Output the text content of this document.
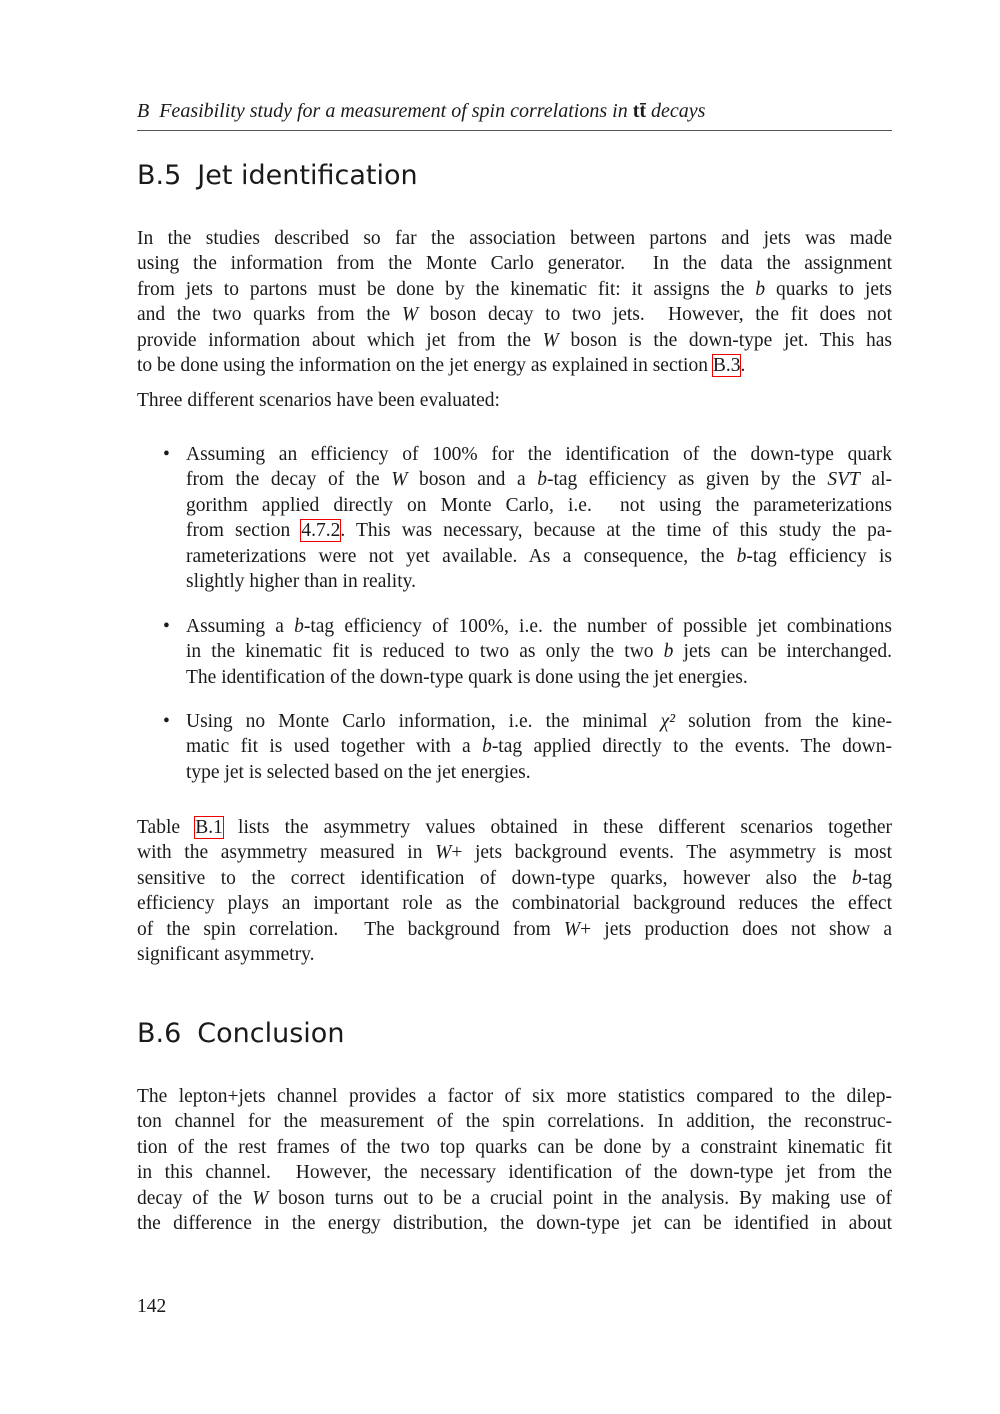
B Feasibility study for a measurement of spin correlations in tt̄ decays
B.5 Jet identification
B.6 Conclusion
In the studies described so far the association between partons and jets was made
using the information from the Monte Carlo generator.  In the data the assignment
from jets to partons must be done by the kinematic fit: it assigns the b quarks to jets
and the two quarks from the W boson decay to two jets.  However, the fit does not
provide information about which jet from the W boson is the down-type jet. This has
to be done using the information on the jet energy as explained in section B.3.
Three different scenarios have been evaluated:
• Assuming an efficiency of 100% for the identification of the down-type quark
from the decay of the W boson and a b-tag efficiency as given by the SVT al-
gorithm applied directly on Monte Carlo, i.e.  not using the parameterizations
from section 4.7.2. This was necessary, because at the time of this study the pa-
rameterizations were not yet available. As a consequence, the b-tag efficiency is
slightly higher than in reality.
• Assuming a b-tag efficiency of 100%, i.e. the number of possible jet combinations
in the kinematic fit is reduced to two as only the two b jets can be interchanged.
The identification of the down-type quark is done using the jet energies.
• Using no Monte Carlo information, i.e. the minimal χ² solution from the kine-
matic fit is used together with a b-tag applied directly to the events. The down-
type jet is selected based on the jet energies.
Table B.1 lists the asymmetry values obtained in these different scenarios together
with the asymmetry measured in W+ jets background events. The asymmetry is most
sensitive to the correct identification of down-type quarks, however also the b-tag
efficiency plays an important role as the combinatorial background reduces the effect
of the spin correlation.  The background from W+ jets production does not show a
significant asymmetry.
The lepton+jets channel provides a factor of six more statistics compared to the dilep-
ton channel for the measurement of the spin correlations. In addition, the reconstruc-
tion of the rest frames of the two top quarks can be done by a constraint kinematic fit
in this channel.  However, the necessary identification of the down-type jet from the
decay of the W boson turns out to be a crucial point in the analysis. By making use of
the difference in the energy distribution, the down-type jet can be identified in about
142
